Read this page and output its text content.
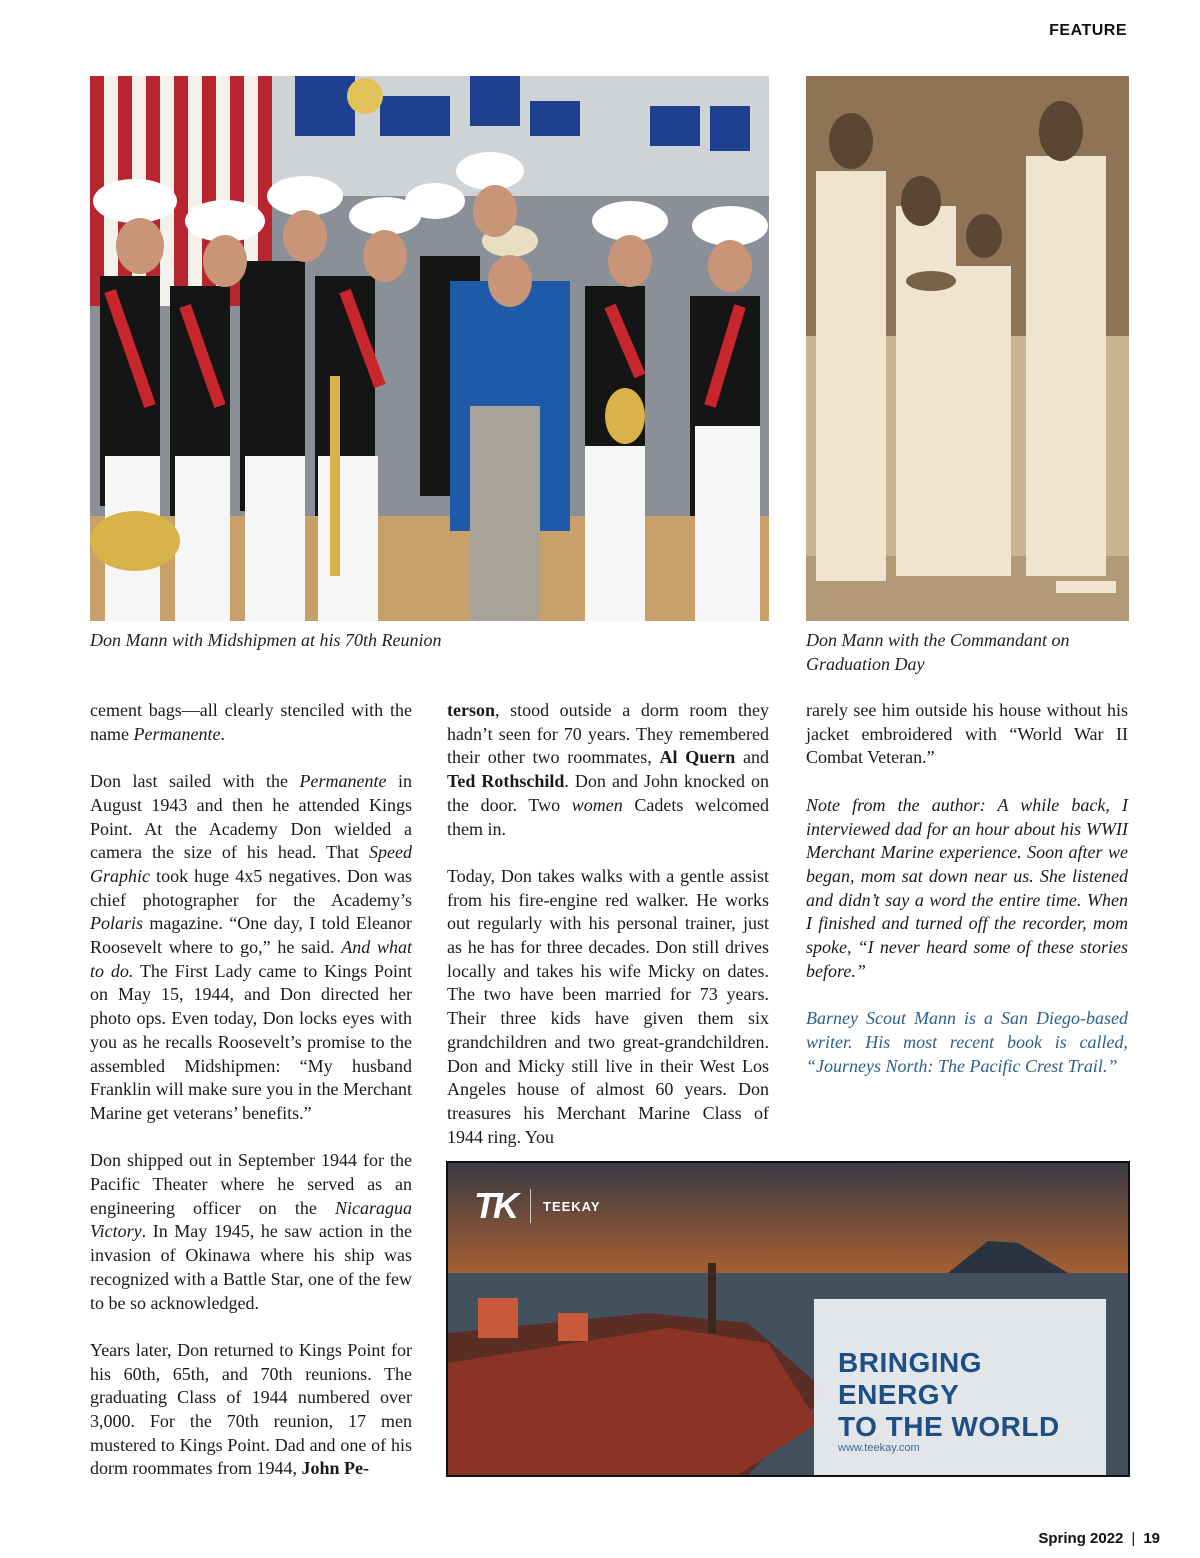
FEATURE
Don Mann with Midshipmen at his 70th Reunion	Don Mann with the Commandant on Graduation Day

cement bags—all clearly stenciled with the name Permanente.

Don last sailed with the Permanente in August 1943 and then he attended Kings Point. At the Academy Don wielded a camera the size of his head. That Speed Graphic took huge 4x5 negatives. Don was chief photographer for the Academy’s Polaris magazine. “One day, I told Eleanor Roosevelt where to go,” he said. And what to do. The First Lady came to Kings Point on May 15, 1944, and Don directed her photo ops. Even today, Don locks eyes with you as he recalls Roosevelt’s promise to the assembled Midshipmen: “My husband Franklin will make sure you in the Merchant Marine get veterans’ benefits.”

Don shipped out in September 1944 for the Pacific Theater where he served as an engineering officer on the Nicaragua Victory. In May 1945, he saw action in the invasion of Okinawa where his ship was recognized with a Battle Star, one of the few to be so acknowledged.

Years later, Don returned to Kings Point for his 60th, 65th, and 70th reunions. The graduating Class of 1944 numbered over 3,000. For the 70th reunion, 17 men mustered to Kings Point. Dad and one of his dorm roommates from 1944, John Pe-

terson, stood outside a dorm room they hadn’t seen for 70 years. They remembered their other two roommates, Al Quern and Ted Rothschild. Don and John knocked on the door. Two women Cadets welcomed them in.

Today, Don takes walks with a gentle assist from his fire-engine red walker. He works out regularly with his personal trainer, just as he has for three decades. Don still drives locally and takes his wife Micky on dates. The two have been married for 73 years. Their three kids have given them six grandchildren and two great-grandchildren. Don and Micky still live in their West Los Angeles house of almost 60 years. Don treasures his Merchant Marine Class of 1944 ring. You

rarely see him outside his house without his jacket embroidered with “World War II Combat Veteran.”

Note from the author: A while back, I interviewed dad for an hour about his WWII Merchant Marine experience. Soon after we began, mom sat down near us. She listened and didn’t say a word the entire time. When I finished and turned off the recorder, mom spoke, “I never heard some of these stories before.”

Barney Scout Mann is a San Diego-based writer. His most recent book is called, “Journeys North: The Pacific Crest Trail.”

TK TEEKAY
BRINGING ENERGY
TO THE WORLD
www.teekay.com
Spring 2022 | 19
